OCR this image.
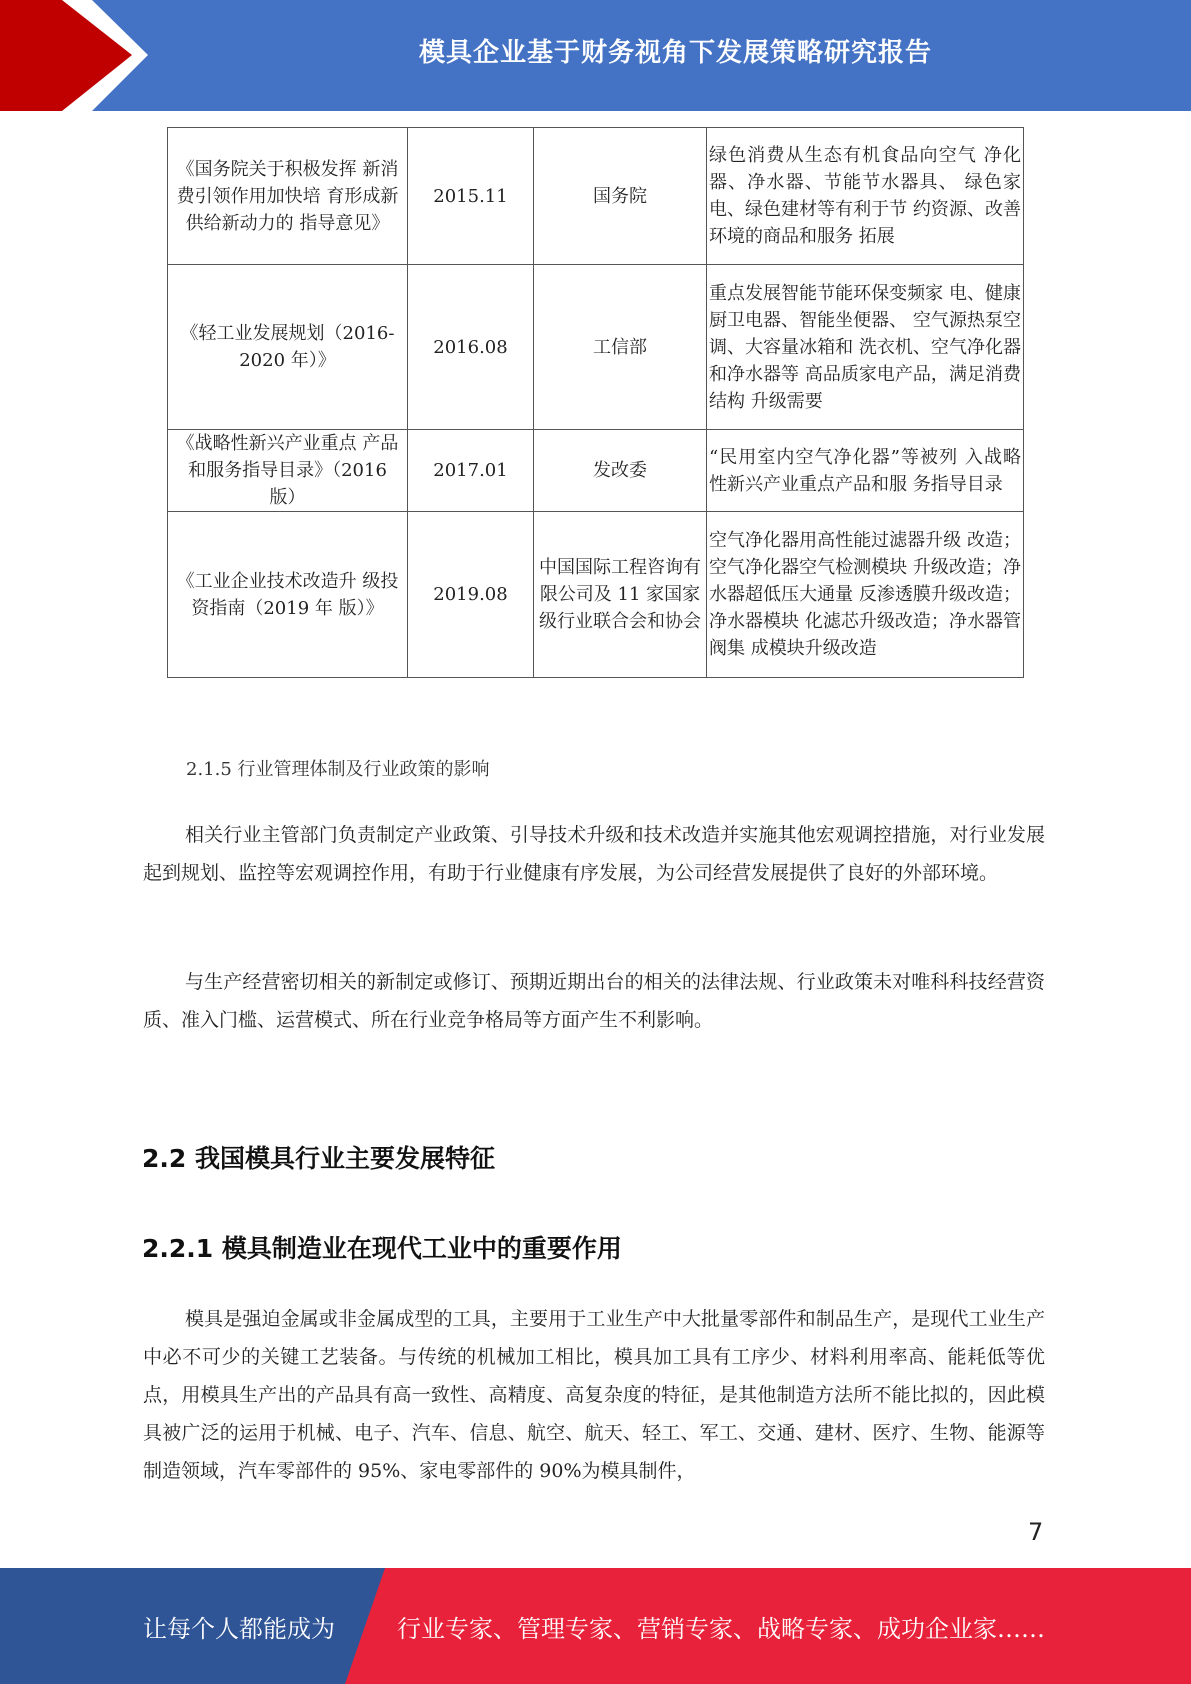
模具企业基于财务视角下发展策略研究报告
《国务院关于积极发挥 新消费引领作用加快培 育形成新供给新动力的 指导意见》	2015.11	国务院	绿色消费从生态有机食品向空气 净化器、净水器、节能节水器具、 绿色家电、绿色建材等有利于节 约资源、改善环境的商品和服务 拓展
《轻工业发展规划（2016-2020 年）》	2016.08	工信部	重点发展智能节能环保变频家 电、健康厨卫电器、智能坐便器、 空气源热泵空调、大容量冰箱和 洗衣机、空气净化器和净水器等 高品质家电产品，满足消费结构 升级需要
《战略性新兴产业重点 产品和服务指导目录》（2016 版）	2017.01	发改委	“民用室内空气净化器”等被列 入战略性新兴产业重点产品和服 务指导目录
《工业企业技术改造升 级投资指南（2019 年 版）》	2019.08	中国国际工程咨询有限公司及 11 家国家级行业联合会和协会	空气净化器用高性能过滤器升级 改造；空气净化器空气检测模块 升级改造；净水器超低压大通量 反渗透膜升级改造；净水器模块 化滤芯升级改造；净水器管阀集 成模块升级改造
2.1.5 行业管理体制及行业政策的影响

相关行业主管部门负责制定产业政策、引导技术升级和技术改造并实施其他宏观调控措施，对行业发展起到规划、监控等宏观调控作用，有助于行业健康有序发展，为公司经营发展提供了良好的外部环境。

与生产经营密切相关的新制定或修订、预期近期出台的相关的法律法规、行业政策未对唯科科技经营资质、准入门槛、运营模式、所在行业竞争格局等方面产生不利影响。

2.2 我国模具行业主要发展特征
2.2.1 模具制造业在现代工业中的重要作用

模具是强迫金属或非金属成型的工具，主要用于工业生产中大批量零部件和制品生产，是现代工业生产中必不可少的关键工艺装备。与传统的机械加工相比，模具加工具有工序少、材料利用率高、能耗低等优点，用模具生产出的产品具有高一致性、高精度、高复杂度的特征，是其他制造方法所不能比拟的，因此模具被广泛的运用于机械、电子、汽车、信息、航空、航天、轻工、军工、交通、建材、医疗、生物、能源等制造领域，汽车零部件的 95%、家电零部件的 90%为模具制件，

7
让每个人都能成为	行业专家、管理专家、营销专家、战略专家、成功企业家……
